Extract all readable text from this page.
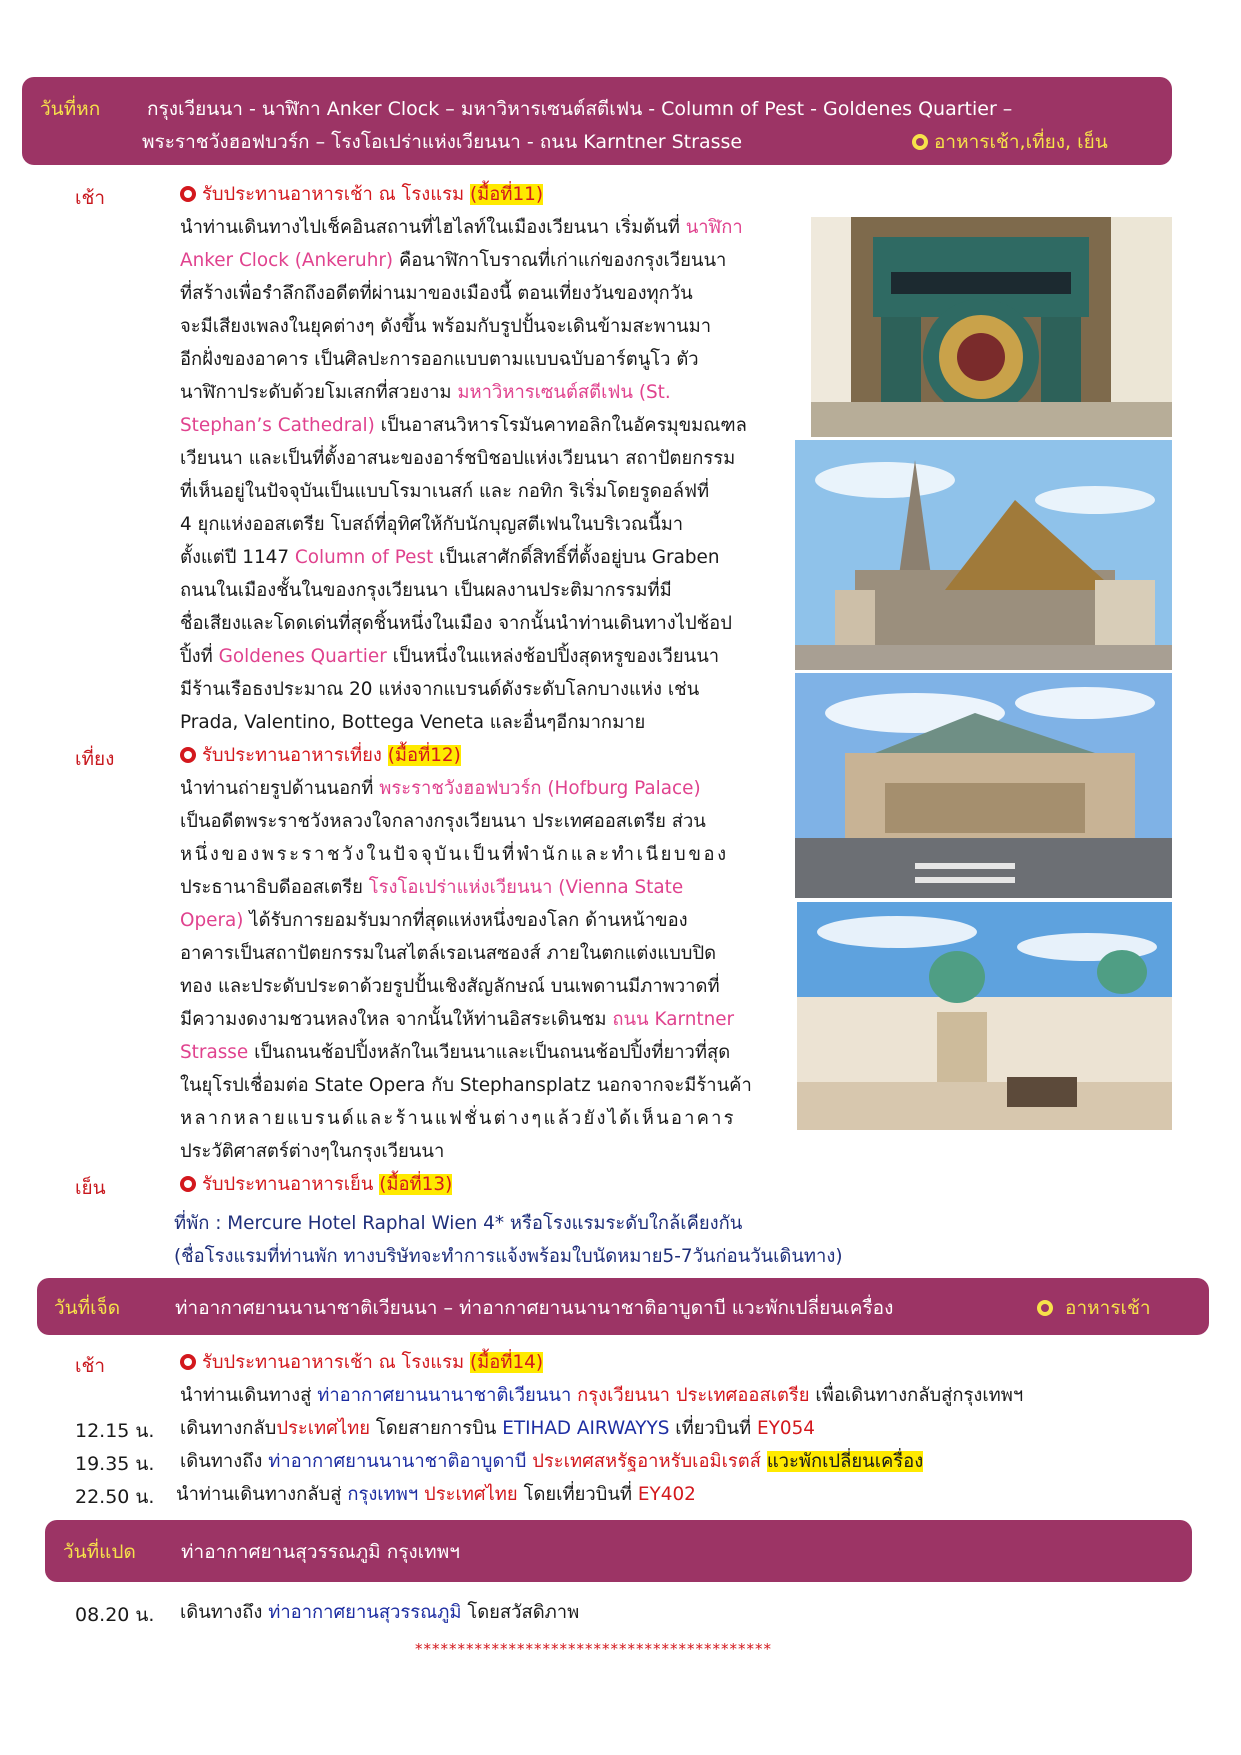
วันที่หก กรุงเวียนนา - นาฬิกา Anker Clock – มหาวิหารเซนต์สตีเฟน - Column of Pest - Goldenes Quartier –
พระราชวังฮอฟบวร์ก – โรงโอเปร่าแห่งเวียนนา - ถนน Karntner Strasse	อาหารเช้า,เที่ยง, เย็น
เช้า	รับประทานอาหารเช้า ณ โรงแรม (มื้อที่11)
นำท่านเดินทางไปเช็คอินสถานที่ไฮไลท์ในเมืองเวียนนา เริ่มต้นที่ นาฬิกา
Anker Clock (Ankeruhr) คือนาฬิกาโบราณที่เก่าแก่ของกรุงเวียนนา
ที่สร้างเพื่อรำลึกถึงอดีตที่ผ่านมาของเมืองนี้ ตอนเที่ยงวันของทุกวัน
จะมีเสียงเพลงในยุคต่างๆ ดังขึ้น พร้อมกับรูปปั้นจะเดินข้ามสะพานมา
อีกฝั่งของอาคาร เป็นศิลปะการออกแบบตามแบบฉบับอาร์ตนูโว ตัว
นาฬิกาประดับด้วยโมเสกที่สวยงาม มหาวิหารเซนต์สตีเฟน (St.
Stephan’s Cathedral) เป็นอาสนวิหารโรมันคาทอลิกในอัครมุขมณฑล
เวียนนา และเป็นที่ตั้งอาสนะของอาร์ชบิชอปแห่งเวียนนา สถาปัตยกรรม
ที่เห็นอยู่ในปัจจุบันเป็นแบบโรมาเนสก์ และ กอทิก ริเริ่มโดยรูดอล์ฟที่
4 ยุกแห่งออสเตรีย โบสถ์ที่อุทิศให้กับนักบุญสตีเฟนในบริเวณนี้มา
ตั้งแต่ปี 1147 Column of Pest เป็นเสาศักดิ์สิทธิ์ที่ตั้งอยู่บน Graben
ถนนในเมืองชั้นในของกรุงเวียนนา เป็นผลงานประติมากรรมที่มี
ชื่อเสียงและโดดเด่นที่สุดชิ้นหนึ่งในเมือง จากนั้นนำท่านเดินทางไปช้อป
ปิ้งที่ Goldenes Quartier เป็นหนึ่งในแหล่งช้อปปิ้งสุดหรูของเวียนนา
มีร้านเรือธงประมาณ 20 แห่งจากแบรนด์ดังระดับโลกบางแห่ง เช่น
Prada, Valentino, Bottega Veneta และอื่นๆอีกมากมาย
เที่ยง	รับประทานอาหารเที่ยง (มื้อที่12)
นำท่านถ่ายรูปด้านนอกที่ พระราชวังฮอฟบวร์ก (Hofburg Palace)
เป็นอดีตพระราชวังหลวงใจกลางกรุงเวียนนา ประเทศออสเตรีย ส่วน
หนึ่งของพระราชวังในปัจจุบันเป็นที่พำนักและทำเนียบของ
ประธานาธิบดีออสเตรีย โรงโอเปร่าแห่งเวียนนา (Vienna State
Opera) ได้รับการยอมรับมากที่สุดแห่งหนึ่งของโลก ด้านหน้าของ
อาคารเป็นสถาปัตยกรรมในสไตล์เรอเนสซองส์ ภายในตกแต่งแบบปิด
ทอง และประดับประดาด้วยรูปปั้นเชิงสัญลักษณ์ บนเพดานมีภาพวาดที่
มีความงดงามชวนหลงใหล จากนั้นให้ท่านอิสระเดินชม ถนน Karntner
Strasse เป็นถนนช้อปปิ้งหลักในเวียนนาและเป็นถนนช้อปปิ้งที่ยาวที่สุด
ในยุโรปเชื่อมต่อ State Opera กับ Stephansplatz นอกจากจะมีร้านค้า
หลากหลายแบรนด์และร้านแฟชั่นต่างๆแล้วยังได้เห็นอาคาร
ประวัติศาสตร์ต่างๆในกรุงเวียนนา
เย็น	รับประทานอาหารเย็น (มื้อที่13)
ที่พัก : Mercure Hotel Raphal Wien 4* หรือโรงแรมระดับใกล้เคียงกัน
(ชื่อโรงแรมที่ท่านพัก ทางบริษัทจะทำการแจ้งพร้อมใบนัดหมาย5-7วันก่อนวันเดินทาง)
วันที่เจ็ด	ท่าอากาศยานนานาชาติเวียนนา – ท่าอากาศยานนานาชาติอาบูดาบี แวะพักเปลี่ยนเครื่อง	อาหารเช้า
เช้า	รับประทานอาหารเช้า ณ โรงแรม (มื้อที่14)
นำท่านเดินทางสู่ ท่าอากาศยานนานาชาติเวียนนา กรุงเวียนนา ประเทศออสเตรีย เพื่อเดินทางกลับสู่กรุงเทพฯ
12.15 น. เดินทางกลับประเทศไทย โดยสายการบิน ETIHAD AIRWAYYS เที่ยวบินที่ EY054
19.35 น. เดินทางถึง ท่าอากาศยานนานาชาติอาบูดาบี ประเทศสหรัฐอาหรับเอมิเรตส์ แวะพักเปลี่ยนเครื่อง
22.50 น. นำท่านเดินทางกลับสู่ กรุงเทพฯ ประเทศไทย โดยเที่ยวบินที่ EY402
วันที่แปด ท่าอากาศยานสุวรรณภูมิ กรุงเทพฯ
08.20 น. เดินทางถึง ท่าอากาศยานสุวรรณภูมิ โดยสวัสดิภาพ
******************************************
